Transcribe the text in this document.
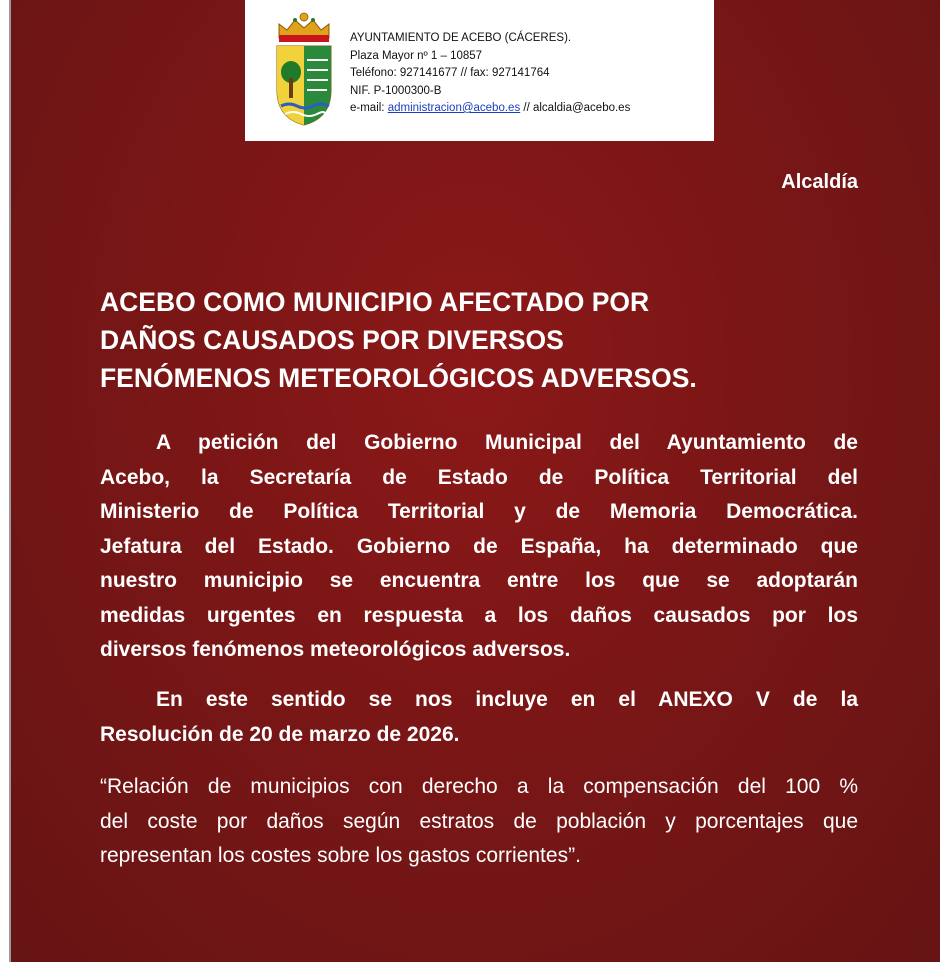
AYUNTAMIENTO DE ACEBO (CÁCERES).
Plaza Mayor nº 1 – 10857
Teléfono: 927141677 // fax: 927141764
NIF. P-1000300-B
e-mail: administracion@acebo.es // alcaldia@acebo.es
Alcaldía
ACEBO COMO MUNICIPIO AFECTADO POR
DAÑOS CAUSADOS POR DIVERSOS
FENÓMENOS METEOROLÓGICOS ADVERSOS.
A petición del Gobierno Municipal del Ayuntamiento de
Acebo, la Secretaría de Estado de Política Territorial del
Ministerio de Política Territorial y de Memoria Democrática.
Jefatura del Estado. Gobierno de España, ha determinado que
nuestro municipio se encuentra entre los que se adoptarán
medidas urgentes en respuesta a los daños causados por los
diversos fenómenos meteorológicos adversos.
En este sentido se nos incluye en el ANEXO V de la
Resolución de 20 de marzo de 2026.
“Relación de municipios con derecho a la compensación del 100 %
del coste por daños según estratos de población y porcentajes que
representan los costes sobre los gastos corrientes”.
